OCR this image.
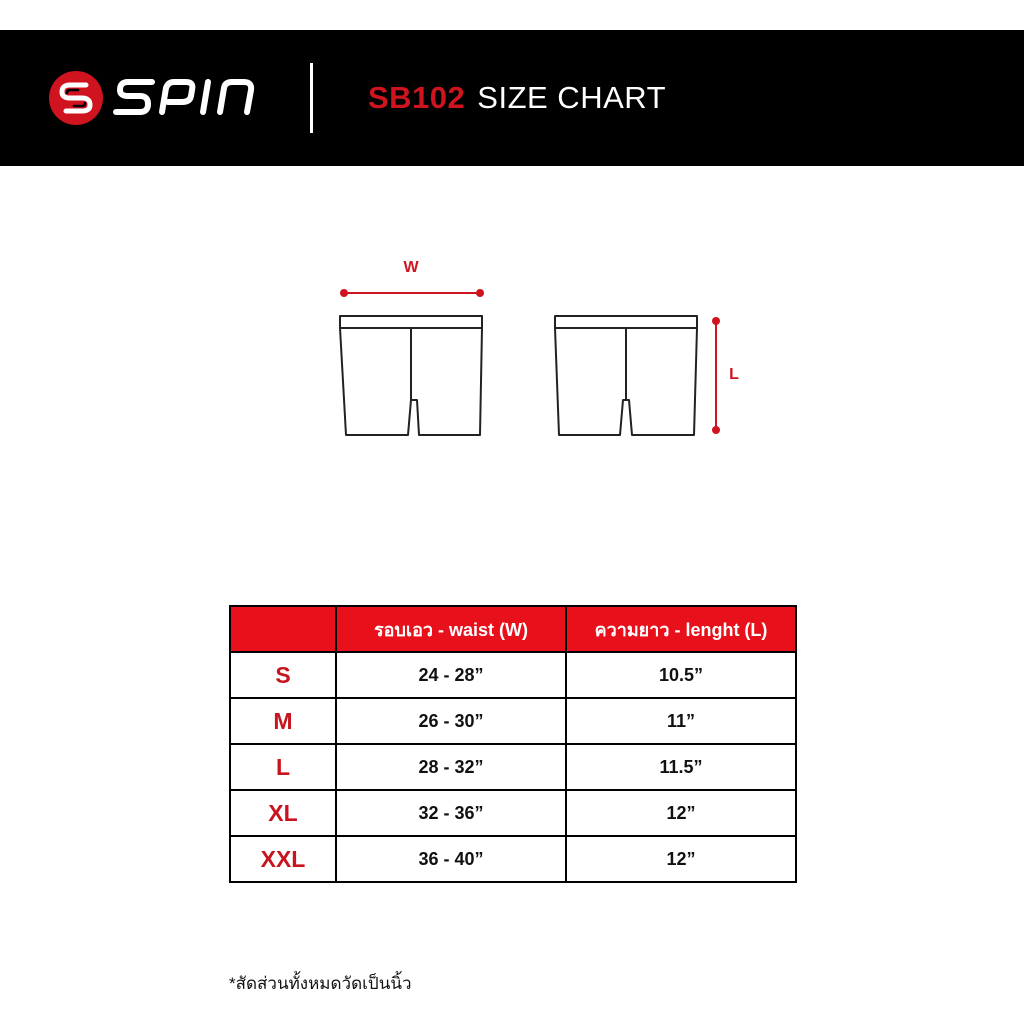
SB102 SIZE CHART
W
L
	รอบเอว - waist (W)	ความยาว - lenght (L)
S	24 - 28”	10.5”
M	26 - 30”	11”
L	28 - 32”	11.5”
XL	32 - 36”	12”
XXL	36 - 40”	12”
*สัดส่วนทั้งหมดวัดเป็นนิ้ว
